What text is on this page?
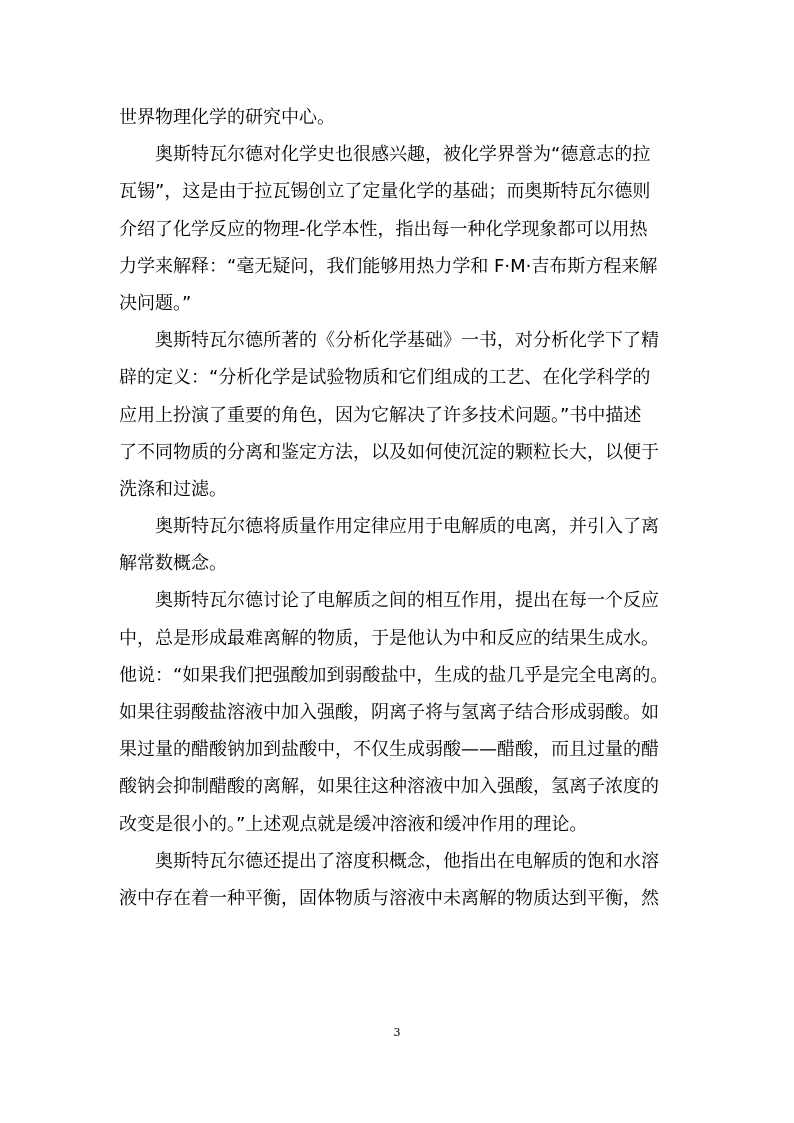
世界物理化学的研究中心。
奥斯特瓦尔德对化学史也很感兴趣，被化学界誉为“德意志的拉
瓦锡”，这是由于拉瓦锡创立了定量化学的基础；而奥斯特瓦尔德则
介绍了化学反应的物理-化学本性，指出每一种化学现象都可以用热
力学来解释：“毫无疑问，我们能够用热力学和 F·M·吉布斯方程来解
决问题。”
奥斯特瓦尔德所著的《分析化学基础》一书，对分析化学下了精
辟的定义：“分析化学是试验物质和它们组成的工艺、在化学科学的
应用上扮演了重要的角色，因为它解决了许多技术问题。”书中描述
了不同物质的分离和鉴定方法，以及如何使沉淀的颗粒长大，以便于
洗涤和过滤。
奥斯特瓦尔德将质量作用定律应用于电解质的电离，并引入了离
解常数概念。
奥斯特瓦尔德讨论了电解质之间的相互作用，提出在每一个反应
中，总是形成最难离解的物质，于是他认为中和反应的结果生成水。
他说：“如果我们把强酸加到弱酸盐中，生成的盐几乎是完全电离的。
如果往弱酸盐溶液中加入强酸，阴离子将与氢离子结合形成弱酸。如
果过量的醋酸钠加到盐酸中，不仅生成弱酸——醋酸，而且过量的醋
酸钠会抑制醋酸的离解，如果往这种溶液中加入强酸，氢离子浓度的
改变是很小的。”上述观点就是缓冲溶液和缓冲作用的理论。
奥斯特瓦尔德还提出了溶度积概念，他指出在电解质的饱和水溶
液中存在着一种平衡，固体物质与溶液中未离解的物质达到平衡，然
3
